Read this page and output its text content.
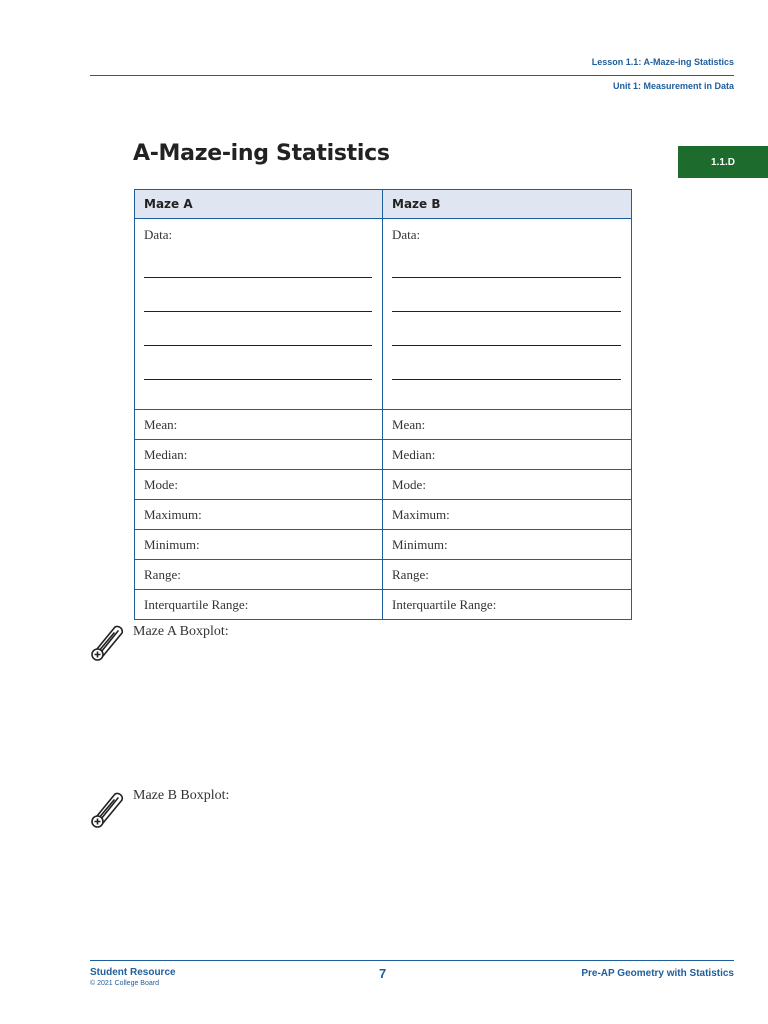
Lesson 1.1: A-Maze-ing Statistics
Unit 1: Measurement in Data
A-Maze-ing Statistics	1.1.D
Maze A	Maze B

Data:	Data:

Mean:	Mean:
Median:	Median:
Mode:	Mode:
Maximum:	Maximum:
Minimum:	Minimum:
Range:	Range:
Interquartile Range:	Interquartile Range:
Maze A Boxplot:
Maze B Boxplot:
Student Resource
© 2021 College Board
7	Pre-AP Geometry with Statistics
